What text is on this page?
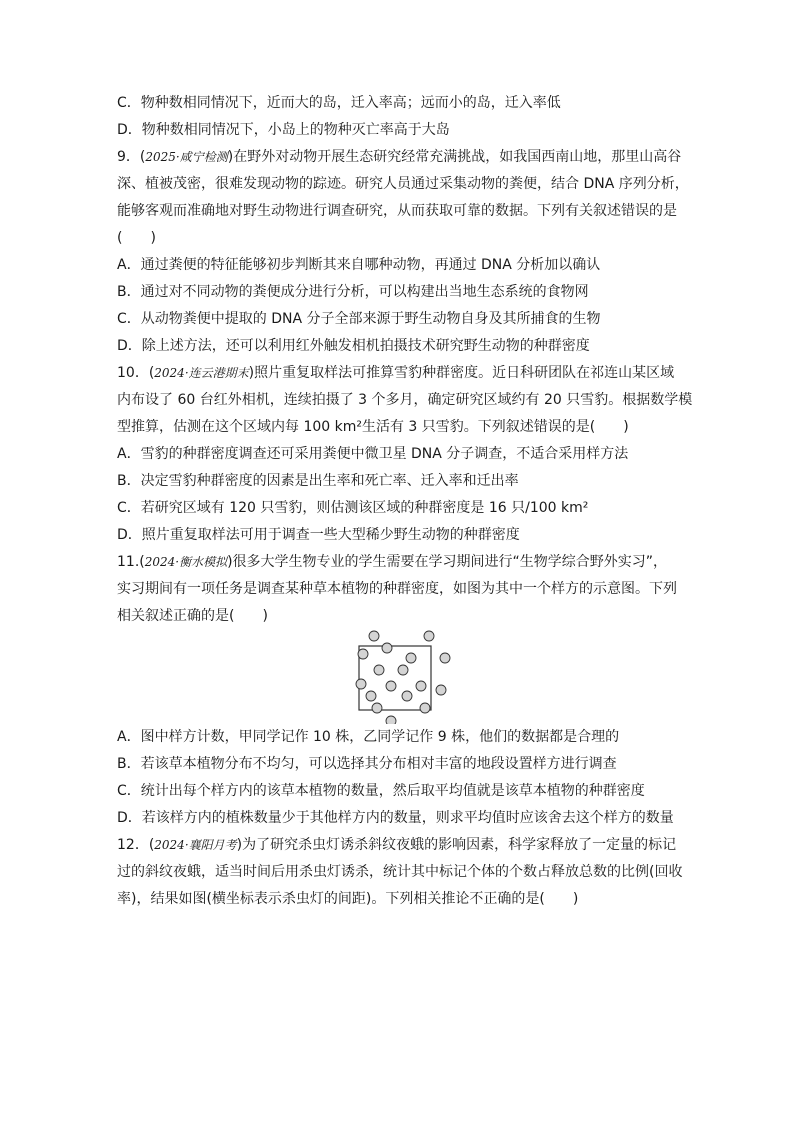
C．物种数相同情况下，近而大的岛，迁入率高；远而小的岛，迁入率低
D．物种数相同情况下，小岛上的物种灭亡率高于大岛
9．(2025·咸宁检测)在野外对动物开展生态研究经常充满挑战，如我国西南山地，那里山高谷
深、植被茂密，很难发现动物的踪迹。研究人员通过采集动物的粪便，结合 DNA 序列分析，
能够客观而准确地对野生动物进行调查研究，从而获取可靠的数据。下列有关叙述错误的是
(　　)
A．通过粪便的特征能够初步判断其来自哪种动物，再通过 DNA 分析加以确认
B．通过对不同动物的粪便成分进行分析，可以构建出当地生态系统的食物网
C．从动物粪便中提取的 DNA 分子全部来源于野生动物自身及其所捕食的生物
D．除上述方法，还可以利用红外触发相机拍摄技术研究野生动物的种群密度
10．(2024·连云港期末)照片重复取样法可推算雪豹种群密度。近日科研团队在祁连山某区域
内布设了 60 台红外相机，连续拍摄了 3 个多月，确定研究区域约有 20 只雪豹。根据数学模
型推算，估测在这个区域内每 100 km²生活有 3 只雪豹。下列叙述错误的是(　　)
A．雪豹的种群密度调查还可采用粪便中微卫星 DNA 分子调查，不适合采用样方法
B．决定雪豹种群密度的因素是出生率和死亡率、迁入率和迁出率
C．若研究区域有 120 只雪豹，则估测该区域的种群密度是 16 只/100 km²
D．照片重复取样法可用于调查一些大型稀少野生动物的种群密度
11.(2024·衡水模拟)很多大学生物专业的学生需要在学习期间进行“生物学综合野外实习”，
实习期间有一项任务是调查某种草本植物的种群密度，如图为其中一个样方的示意图。下列
相关叙述正确的是(　　)
A．图中样方计数，甲同学记作 10 株，乙同学记作 9 株，他们的数据都是合理的
B．若该草本植物分布不均匀，可以选择其分布相对丰富的地段设置样方进行调查
C．统计出每个样方内的该草本植物的数量，然后取平均值就是该草本植物的种群密度
D．若该样方内的植株数量少于其他样方内的数量，则求平均值时应该舍去这个样方的数量
12．(2024·襄阳月考)为了研究杀虫灯诱杀斜纹夜蛾的影响因素，科学家释放了一定量的标记
过的斜纹夜蛾，适当时间后用杀虫灯诱杀，统计其中标记个体的个数占释放总数的比例(回收
率)，结果如图(横坐标表示杀虫灯的间距)。下列相关推论不正确的是(　　)
